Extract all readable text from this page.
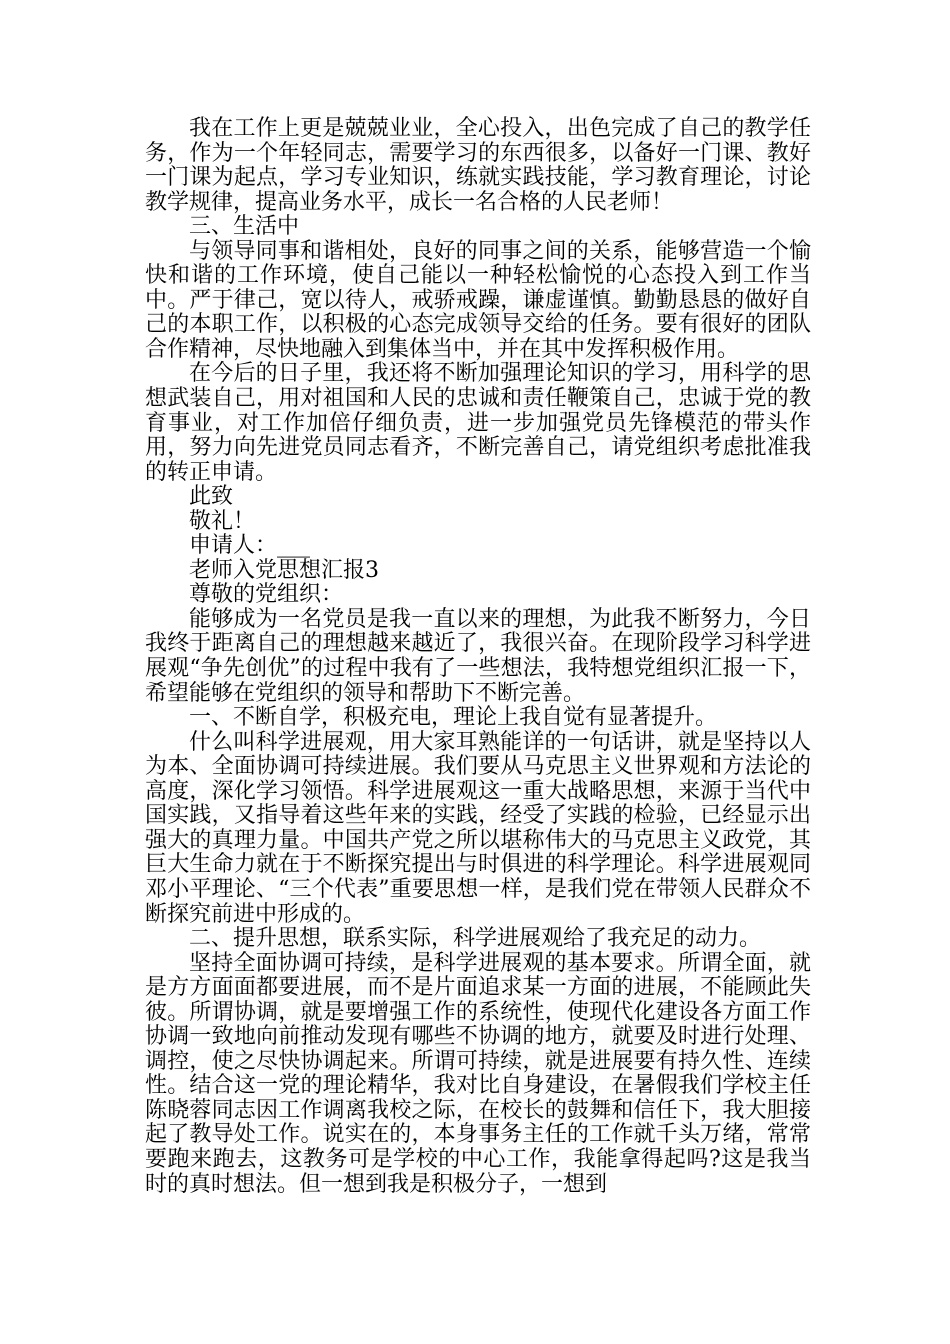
我在工作上更是兢兢业业，全心投入，出色完成了自己的教学任务，作为一个年轻同志，需要学习的东西很多，以备好一门课、教好一门课为起点，学习专业知识，练就实践技能，学习教育理论，讨论教学规律，提高业务水平，成长一名合格的人民老师！

三、生活中

与领导同事和谐相处，良好的同事之间的关系，能够营造一个愉快和谐的工作环境，使自己能以一种轻松愉悦的心态投入到工作当中。严于律己，宽以待人，戒骄戒躁，谦虚谨慎。勤勤恳恳的做好自己的本职工作，以积极的心态完成领导交给的任务。要有很好的团队合作精神，尽快地融入到集体当中，并在其中发挥积极作用。

在今后的日子里，我还将不断加强理论知识的学习，用科学的思想武装自己，用对祖国和人民的忠诚和责任鞭策自己，忠诚于党的教育事业，对工作加倍仔细负责，进一步加强党员先锋模范的带头作用，努力向先进党员同志看齐，不断完善自己，请党组织考虑批准我的转正申请。

此致

敬礼！

申请人：___

老师入党思想汇报3

尊敬的党组织：

能够成为一名党员是我一直以来的理想，为此我不断努力，今日我终于距离自己的理想越来越近了，我很兴奋。在现阶段学习科学进展观“争先创优”的过程中我有了一些想法，我特想党组织汇报一下，希望能够在党组织的领导和帮助下不断完善。

一、不断自学，积极充电，理论上我自觉有显著提升。

什么叫科学进展观，用大家耳熟能详的一句话讲，就是坚持以人为本、全面协调可持续进展。我们要从马克思主义世界观和方法论的高度，深化学习领悟。科学进展观这一重大战略思想，来源于当代中国实践，又指导着这些年来的实践，经受了实践的检验，已经显示出强大的真理力量。中国共产党之所以堪称伟大的马克思主义政党，其巨大生命力就在于不断探究提出与时俱进的科学理论。科学进展观同邓小平理论、“三个代表”重要思想一样，是我们党在带领人民群众不断探究前进中形成的。

二、提升思想，联系实际，科学进展观给了我充足的动力。

坚持全面协调可持续，是科学进展观的基本要求。所谓全面，就是方方面面都要进展，而不是片面追求某一方面的进展，不能顾此失彼。所谓协调，就是要增强工作的系统性，使现代化建设各方面工作协调一致地向前推动发现有哪些不协调的地方，就要及时进行处理、调控，使之尽快协调起来。所谓可持续，就是进展要有持久性、连续性。结合这一党的理论精华，我对比自身建设，在暑假我们学校主任陈晓蓉同志因工作调离我校之际，在校长的鼓舞和信任下，我大胆接起了教导处工作。说实在的，本身事务主任的工作就千头万绪，常常要跑来跑去，这教务可是学校的中心工作，我能拿得起吗?这是我当时的真时想法。但一想到我是积极分子，一想到
